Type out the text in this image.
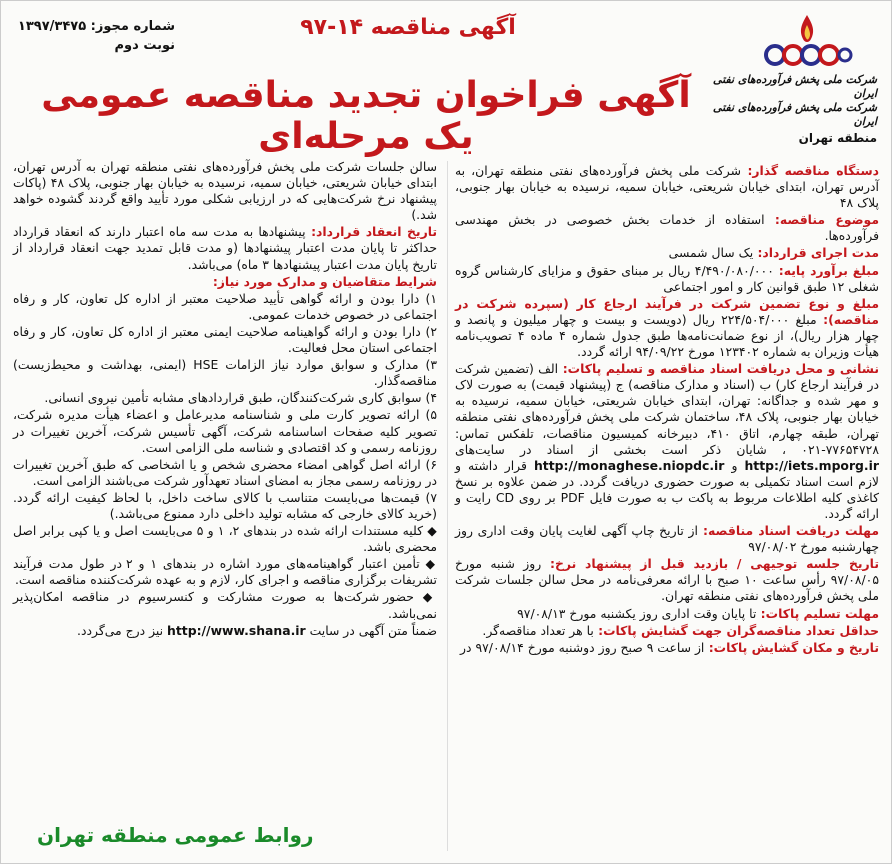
شماره مجوز: ۱۳۹۷/۳۴۷۵
نوبت دوم
آگهی مناقصه ۱۴-۹۷
آگهی فراخوان تجدید مناقصه عمومی یک مرحله‌ای
شرکت ملی پخش فرآورده‌های نفتی ایران
شرکت ملی پخش فرآورده‌های نفتی ایران
منطقه تهران

دستگاه مناقصه گذار: شرکت ملی پخش فرآورده‌های نفتی منطقه تهران، به آدرس تهران، ابتدای خیابان شریعتی، خیابان سمیه، نرسیده به خیابان بهار جنوبی، پلاک ۴۸

موضوع مناقصه: استفاده از خدمات بخش خصوصی در بخش مهندسی فرآورده‌ها.

مدت اجرای قرارداد: یک سال شمسی

مبلغ برآورد پایه: ۴/۴۹۰/۰۸۰/۰۰۰ ریال بر مبنای حقوق و مزایای کارشناس گروه شغلی ۱۲ طبق قوانین کار و امور اجتماعی

مبلغ و نوع تضمین شرکت در فرآیند ارجاع کار (سپرده شرکت در مناقصه): مبلغ ۲۲۴/۵۰۴/۰۰۰ ریال (دویست و بیست و چهار میلیون و پانصد و چهار هزار ریال)، از نوع ضمانت‌نامه‌ها طبق جدول شماره ۴ ماده ۴ تصویب‌نامه هیأت وزیران به شماره ۱۲۳۴۰۲ مورخ ۹۴/۰۹/۲۲ ارائه گردد.

نشانی و محل دریافت اسناد مناقصه و تسلیم پاکات: الف (تضمین شرکت در فرآیند ارجاع کار) ب (اسناد و مدارک مناقصه) ج (پیشنهاد قیمت) به صورت لاک و مهر شده و جداگانه: تهران، ابتدای خیابان شریعتی، خیابان سمیه، نرسیده به خیابان بهار جنوبی، پلاک ۴۸، ساختمان شرکت ملی پخش فرآورده‌های نفتی منطقه تهران، طبقه چهارم، اتاق ۴۱۰، دبیرخانه کمیسیون مناقصات، تلفکس تماس: ۷۷۶۵۴۷۲۸-۰۲۱ ، شایان ذکر است بخشی از اسناد در سایت‌های http://iets.mporg.ir و http://monaghese.niopdc.ir قرار داشته و لازم است اسناد تکمیلی به صورت حضوری دریافت گردد. در ضمن علاوه بر نسخ کاغذی کلیه اطلاعات مربوط به پاکت ب به صورت فایل PDF بر روی CD رایت و ارائه گردد.

مهلت دریافت اسناد مناقصه: از تاریخ چاپ آگهی لغایت پایان وقت اداری روز چهارشنبه مورخ ۹۷/۰۸/۰۲

تاریخ جلسه توجیهی / بازدید قبل از پیشنهاد نرخ: روز شنبه مورخ ۹۷/۰۸/۰۵ رأس ساعت ۱۰ صبح با ارائه معرفی‌نامه در محل سالن جلسات شرکت ملی پخش فرآورده‌های نفتی منطقه تهران.

مهلت تسلیم پاکات: تا پایان وقت اداری روز یکشنبه مورخ ۹۷/۰۸/۱۳

حداقل تعداد مناقصه‌گران جهت گشایش پاکات: با هر تعداد مناقصه‌گر.

تاریخ و مکان گشایش پاکات: از ساعت ۹ صبح روز دوشنبه مورخ ۹۷/۰۸/۱۴ در

سالن جلسات شرکت ملی پخش فرآورده‌های نفتی منطقه تهران به آدرس تهران، ابتدای خیابان شریعتی، خیابان سمیه، نرسیده به خیابان بهار جنوبی، پلاک ۴۸ (پاکات پیشنهاد نرخ شرکت‌هایی که در ارزیابی شکلی مورد تأیید واقع گردند گشوده خواهد شد.)

تاریخ انعقاد قرارداد: پیشنهادها به مدت سه ماه اعتبار دارند که انعقاد قرارداد حداکثر تا پایان مدت اعتبار پیشنهادها (و مدت قابل تمدید جهت انعقاد قرارداد از تاریخ پایان مدت اعتبار پیشنهادها ۳ ماه) می‌باشد.

شرایط متقاضیان و مدارک مورد نیاز:

۱) دارا بودن و ارائه گواهی تأیید صلاحیت معتبر از اداره کل تعاون، کار و رفاه اجتماعی در خصوص خدمات عمومی.

۲) دارا بودن و ارائه گواهینامه صلاحیت ایمنی معتبر از اداره کل تعاون، کار و رفاه اجتماعی استان محل فعالیت.

۳) مدارک و سوابق موارد نیاز الزامات HSE (ایمنی، بهداشت و محیط‌زیست) مناقصه‌گذار.

۴) سوابق کاری شرکت‌کنندگان، طبق قراردادهای مشابه تأمین نیروی انسانی.

۵) ارائه تصویر کارت ملی و شناسنامه مدیرعامل و اعضاء هیأت مدیره شرکت، تصویر کلیه صفحات اساسنامه شرکت، آگهی تأسیس شرکت، آخرین تغییرات در روزنامه رسمی و کد اقتصادی و شناسه ملی الزامی است.

۶) ارائه اصل گواهی امضاء محضری شخص و یا اشخاصی که طبق آخرین تغییرات در روزنامه رسمی مجاز به امضای اسناد تعهدآور شرکت می‌باشند الزامی است.

۷) قیمت‌ها می‌بایست متناسب با کالای ساخت داخل، با لحاظ کیفیت ارائه گردد. (خرید کالای خارجی که مشابه تولید داخلی دارد ممنوع می‌باشد.)

◆ کلیه مستندات ارائه شده در بندهای ۲، ۱ و ۵ می‌بایست اصل و یا کپی برابر اصل محضری باشد.

◆ تأمین اعتبار گواهینامه‌های مورد اشاره در بندهای ۱ و ۲ در طول مدت فرآیند تشریفات برگزاری مناقصه و اجرای کار، لازم و به عهده شرکت‌کننده مناقصه است.

◆ حضور شرکت‌ها به صورت مشارکت و کنسرسیوم در مناقصه امکان‌پذیر نمی‌باشد.

ضمناً متن آگهی در سایت http://www.shana.ir نیز درج می‌گردد.

روابط عمومی منطقه تهران
